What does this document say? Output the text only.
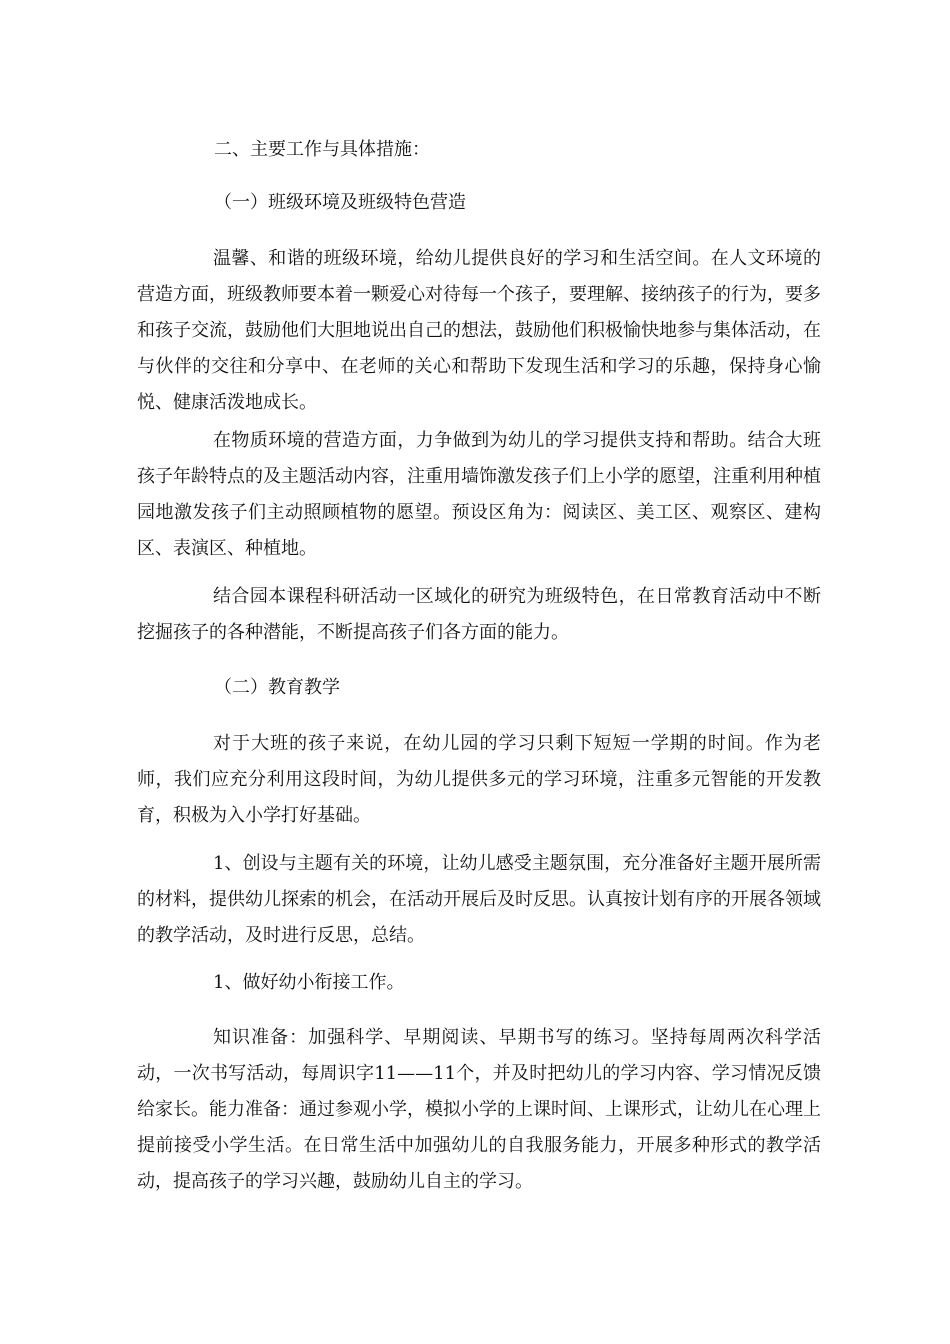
二、主要工作与具体措施：

（一）班级环境及班级特色营造

温馨、和谐的班级环境，给幼儿提供良好的学习和生活空间。在人文环境的营造方面，班级教师要本着一颗爱心对待每一个孩子，要理解、接纳孩子的行为，要多和孩子交流，鼓励他们大胆地说出自己的想法，鼓励他们积极愉快地参与集体活动，在与伙伴的交往和分享中、在老师的关心和帮助下发现生活和学习的乐趣，保持身心愉悦、健康活泼地成长。

在物质环境的营造方面，力争做到为幼儿的学习提供支持和帮助。结合大班孩子年龄特点的及主题活动内容，注重用墙饰激发孩子们上小学的愿望，注重利用种植园地激发孩子们主动照顾植物的愿望。预设区角为：阅读区、美工区、观察区、建构区、表演区、种植地。

结合园本课程科研活动一区域化的研究为班级特色，在日常教育活动中不断挖掘孩子的各种潜能，不断提高孩子们各方面的能力。

（二）教育教学

对于大班的孩子来说，在幼儿园的学习只剩下短短一学期的时间。作为老师，我们应充分利用这段时间，为幼儿提供多元的学习环境，注重多元智能的开发教育，积极为入小学打好基础。

1、创设与主题有关的环境，让幼儿感受主题氛围，充分准备好主题开展所需的材料，提供幼儿探索的机会，在活动开展后及时反思。认真按计划有序的开展各领域的教学活动，及时进行反思，总结。

1、做好幼小衔接工作。

知识准备：加强科学、早期阅读、早期书写的练习。坚持每周两次科学活动，一次书写活动，每周识字11——11个，并及时把幼儿的学习内容、学习情况反馈给家长。能力准备：通过参观小学，模拟小学的上课时间、上课形式，让幼儿在心理上提前接受小学生活。在日常生活中加强幼儿的自我服务能力，开展多种形式的教学活动，提高孩子的学习兴趣，鼓励幼儿自主的学习。
